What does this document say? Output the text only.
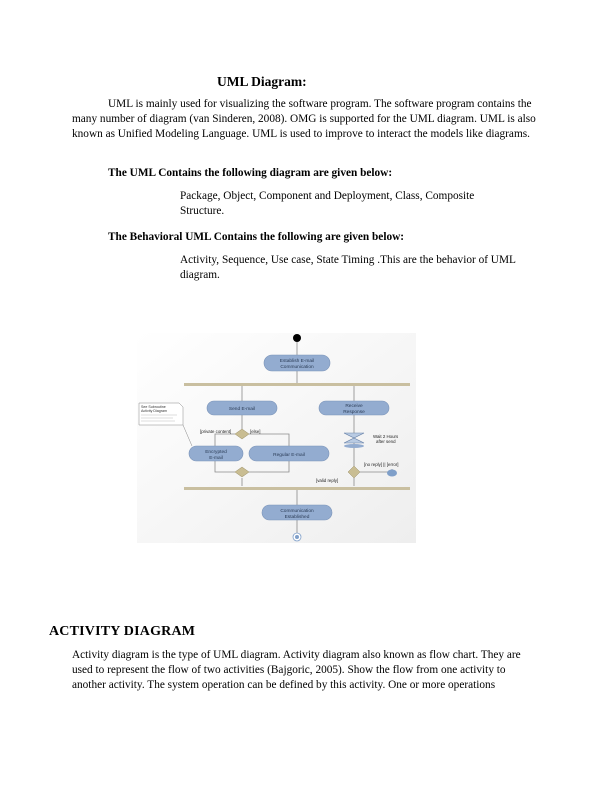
UML Diagram:
UML is mainly used for visualizing the software program. The software program contains the many number of diagram (van Sinderen, 2008). OMG is supported for the UML diagram. UML is also known as Unified Modeling Language. UML is used to improve to interact the models like diagrams.
The UML Contains the following diagram are given below:
Package, Object, Component and Deployment, Class, Composite Structure.
The Behavioral UML Contains the following are given below:
Activity, Sequence, Use case, State Timing .This are the behavior of UML diagram.
Establish E-mail
Communication
Send E-mail
Receive
Response
Encrypted
E-mail
Regular E-mail
Communication
Established
Wait 2 Hours
after send
[private content]	[else]
[no reply] || [error]
[valid reply]
See Subroutine
Activity Diagram
ACTIVITY DIAGRAM
Activity diagram is the type of UML diagram. Activity diagram also known as flow chart. They are used to represent the flow of two activities (Bajgoric, 2005). Show the flow from one activity to another activity. The system operation can be defined by this activity. One or more operations
